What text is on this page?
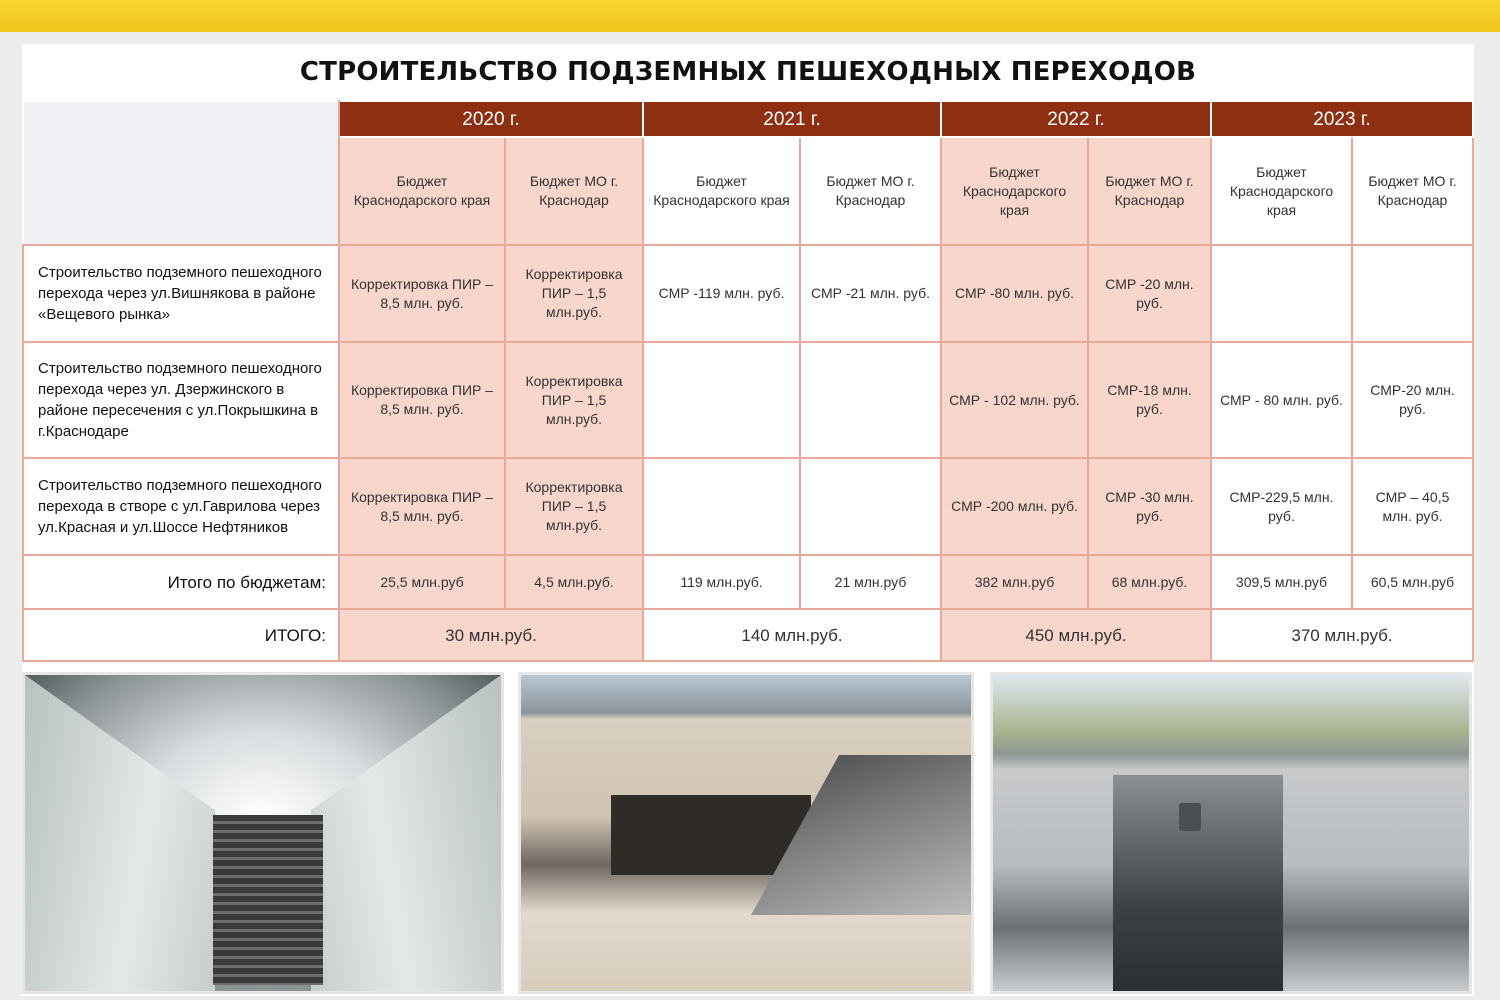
СТРОИТЕЛЬСТВО ПОДЗЕМНЫХ ПЕШЕХОДНЫХ ПЕРЕХОДОВ
	2020 г.		2021 г.		2022 г.		2023 г.	
	Бюджет Краснодарского края	Бюджет МО г. Краснодар	Бюджет Краснодарского края	Бюджет МО г. Краснодар	Бюджет Краснодарского края	Бюджет МО г. Краснодар	Бюджет Краснодарского края	Бюджет МО г. Краснодар
Строительство подземного пешеходного перехода через ул.Вишнякова в районе «Вещевого рынка»	Корректировка ПИР – 8,5 млн. руб.	Корректировка ПИР – 1,5 млн.руб.	СМР -119 млн. руб.	СМР -21 млн. руб.	СМР -80 млн. руб.	СМР -20 млн. руб.		
Строительство подземного пешеходного перехода через ул. Дзержинского в районе пересечения с ул.Покрышкина в г.Краснодаре	Корректировка ПИР – 8,5 млн. руб.	Корректировка ПИР – 1,5 млн.руб.			СМР - 102 млн. руб.	СМР-18 млн. руб.	СМР - 80 млн. руб.	СМР-20 млн. руб.
Строительство подземного пешеходного перехода в створе с ул.Гаврилова через ул.Красная и ул.Шоссе Нефтяников	Корректировка ПИР – 8,5 млн. руб.	Корректировка ПИР – 1,5 млн.руб.			СМР -200 млн. руб.	СМР -30 млн. руб.	СМР-229,5 млн. руб.	СМР – 40,5 млн. руб.
Итого по бюджетам:	25,5 млн.руб	4,5 млн.руб.	119 млн.руб.	21 млн.руб	382 млн.руб	68 млн.руб.	309,5 млн.руб	60,5 млн.руб
ИТОГО:	30 млн.руб.		140 млн.руб.		450 млн.руб.		370 млн.руб.	
